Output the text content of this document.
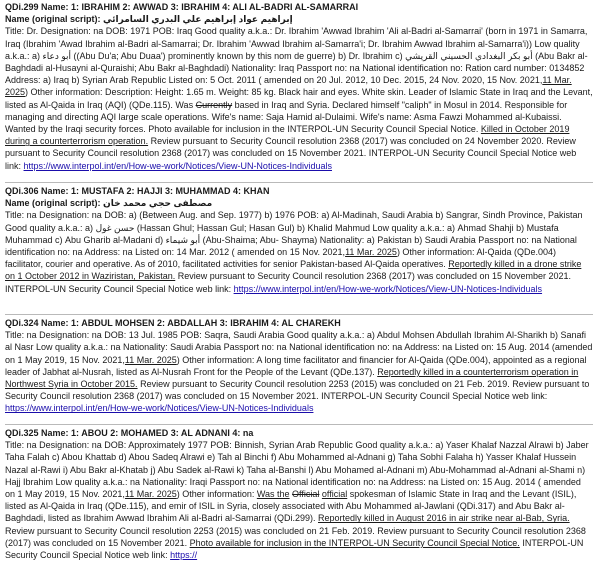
QDi.299 Name: 1: IBRAHIM 2: AWWAD 3: IBRAHIM 4: ALI AL-BADRI AL-SAMARRAI

Name (original script): إبراهيم عواد إبراهيم علي البدري السامرائي

Title: Dr. Designation: na DOB: 1971 POB: Iraq Good quality a.k.a.: Dr. Ibrahim 'Awwad Ibrahim 'Ali al-Badri al-Samarrai' (born in 1971 in Samarra, Iraq (Ibrahim 'Awad Ibrahim al-Badri al-Samarrai; Dr. Ibrahim 'Awwad Ibrahim al-Samarra'i; Dr. Ibrahim Awwad Ibrahim al-Samarra'i)) Low quality a.k.a.: a) أبو دعاء ((Abu Du'a; Abu Duaa') prominently known by this nom de guerre) b) Dr. Ibrahim c) أبو بكر البغدادي الحسيني القريشي (Abu Bakr al-Baghdadi al-Husayni al-Quraishi; Abu Bakr al-Baghdadi) Nationality: Iraq Passport no: na National identification no: Ration card number: 0134852 Address: a) Iraq b) Syrian Arab Republic Listed on: 5 Oct. 2011 ( amended on 20 Jul. 2012, 10 Dec. 2015, 24 Nov. 2020, 15 Nov. 2021,11 Mar. 2025) Other information: Description: Height: 1.65 m. Weight: 85 kg. Black hair and eyes. White skin. Leader of Islamic State in Iraq and the Levant, listed as Al-Qaida in Iraq (AQI) (QDe.115). Was Currently based in Iraq and Syria. Declared himself "caliph" in Mosul in 2014. Responsible for managing and directing AQI large scale operations. Wife's name: Saja Hamid al-Dulaimi. Wife's name: Asma Fawzi Mohammed al-Kubaissi. Wanted by the Iraqi security forces. Photo available for inclusion in the INTERPOL-UN Security Council Special Notice. Killed in October 2019 during a counterterrorism operation. Review pursuant to Security Council resolution 2368 (2017) was concluded on 24 November 2020. Review pursuant to Security Council resolution 2368 (2017) was concluded on 15 November 2021. INTERPOL-UN Security Council Special Notice web link: https://www.interpol.int/en/How-we-work/Notices/View-UN-Notices-Individuals

QDi.306 Name: 1: MUSTAFA 2: HAJJI 3: MUHAMMAD 4: KHAN

Name (original script): مصطفى حجي محمد خان

Title: na Designation: na DOB: a) (Between Aug. and Sep. 1977) b) 1976 POB: a) Al-Madinah, Saudi Arabia b) Sangrar, Sindh Province, Pakistan Good quality a.k.a.: a) حسن غول (Hassan Ghul; Hassan Gul; Hasan Gul) b) Khalid Mahmud Low quality a.k.a.: a) Ahmad Shahji b) Mustafa Muhammad c) Abu Gharib al-Madani d) أبو شيماء (Abu-Shaima; Abu- Shayma) Nationality: a) Pakistan b) Saudi Arabia Passport no: na National identification no: na Address: na Listed on: 14 Mar. 2012 ( amended on 15 Nov. 2021,11 Mar. 2025) Other information: Al-Qaida (QDe.004) facilitator, courier and operative. As of 2010, facilitated activities for senior Pakistan-based Al-Qaida operatives. Reportedly killed in a drone strike on 1 October 2012 in Waziristan, Pakistan. Review pursuant to Security Council resolution 2368 (2017) was concluded on 15 November 2021. INTERPOL-UN Security Council Special Notice web link: https://www.interpol.int/en/How-we-work/Notices/View-UN-Notices-Individuals

QDi.324 Name: 1: ABDUL MOHSEN 2: ABDALLAH 3: IBRAHIM 4: AL CHAREKH

Title: na Designation: na DOB: 13 Jul. 1985 POB: Saqra, Saudi Arabia Good quality a.k.a.: a) Abdul Mohsen Abdullah Ibrahim Al-Sharikh b) Sanafi al Nasr Low quality a.k.a.: na Nationality: Saudi Arabia Passport no: na National identification no: na Address: na Listed on: 15 Aug. 2014 (amended on 1 May 2019, 15 Nov. 2021,11 Mar. 2025) Other information: A long time facilitator and financier for Al-Qaida (QDe.004), appointed as a regional leader of Jabhat al-Nusrah, listed as Al-Nusrah Front for the People of the Levant (QDe.137). Reportedly killed in a counterterrorism operation in Northwest Syria in October 2015. Review pursuant to Security Council resolution 2253 (2015) was concluded on 21 Feb. 2019. Review pursuant to Security Council resolution 2368 (2017) was concluded on 15 November 2021. INTERPOL-UN Security Council Special Notice web link: https://www.interpol.int/en/How-we-work/Notices/View-UN-Notices-Individuals

QDi.325 Name: 1: ABOU 2: MOHAMED 3: AL ADNANI 4: na

Title: na Designation: na DOB: Approximately 1977 POB: Binnish, Syrian Arab Republic Good quality a.k.a.: a) Yaser Khalaf Nazzal Alrawi b) Jaber Taha Falah c) Abou Khattab d) Abou Sadeq Alrawi e) Tah al Binchi f) Abu Mohammed al-Adnani g) Taha Sobhi Falaha h) Yasser Khalaf Hussein Nazal al-Rawi i) Abu Bakr al-Khatab j) Abu Sadek al-Rawi k) Taha al-Banshi l) Abu Mohamed al-Adnani m) Abu-Mohammad al-Adnani al-Shami n) Hajj Ibrahim Low quality a.k.a.: na Nationality: Iraqi Passport no: na National identification no: na Address: na Listed on: 15 Aug. 2014 ( amended on 1 May 2019, 15 Nov. 2021,11 Mar. 2025) Other information: Was the Official official spokesman of Islamic State in Iraq and the Levant (ISIL), listed as Al-Qaida in Iraq (QDe.115), and emir of ISIL in Syria, closely associated with Abu Mohammed al-Jawlani (QDi.317) and Abu Bakr al-Baghdadi, listed as Ibrahim Awwad Ibrahim Ali al-Badri al-Samarrai (QDi.299). Reportedly killed in August 2016 in air strike near al-Bab, Syria. Review pursuant to Security Council resolution 2253 (2015) was concluded on 21 Feb. 2019. Review pursuant to Security Council resolution 2368 (2017) was concluded on 15 November 2021. Photo available for inclusion in the INTERPOL-UN Security Council Special Notice. INTERPOL-UN Security Council Special Notice web link: https://
